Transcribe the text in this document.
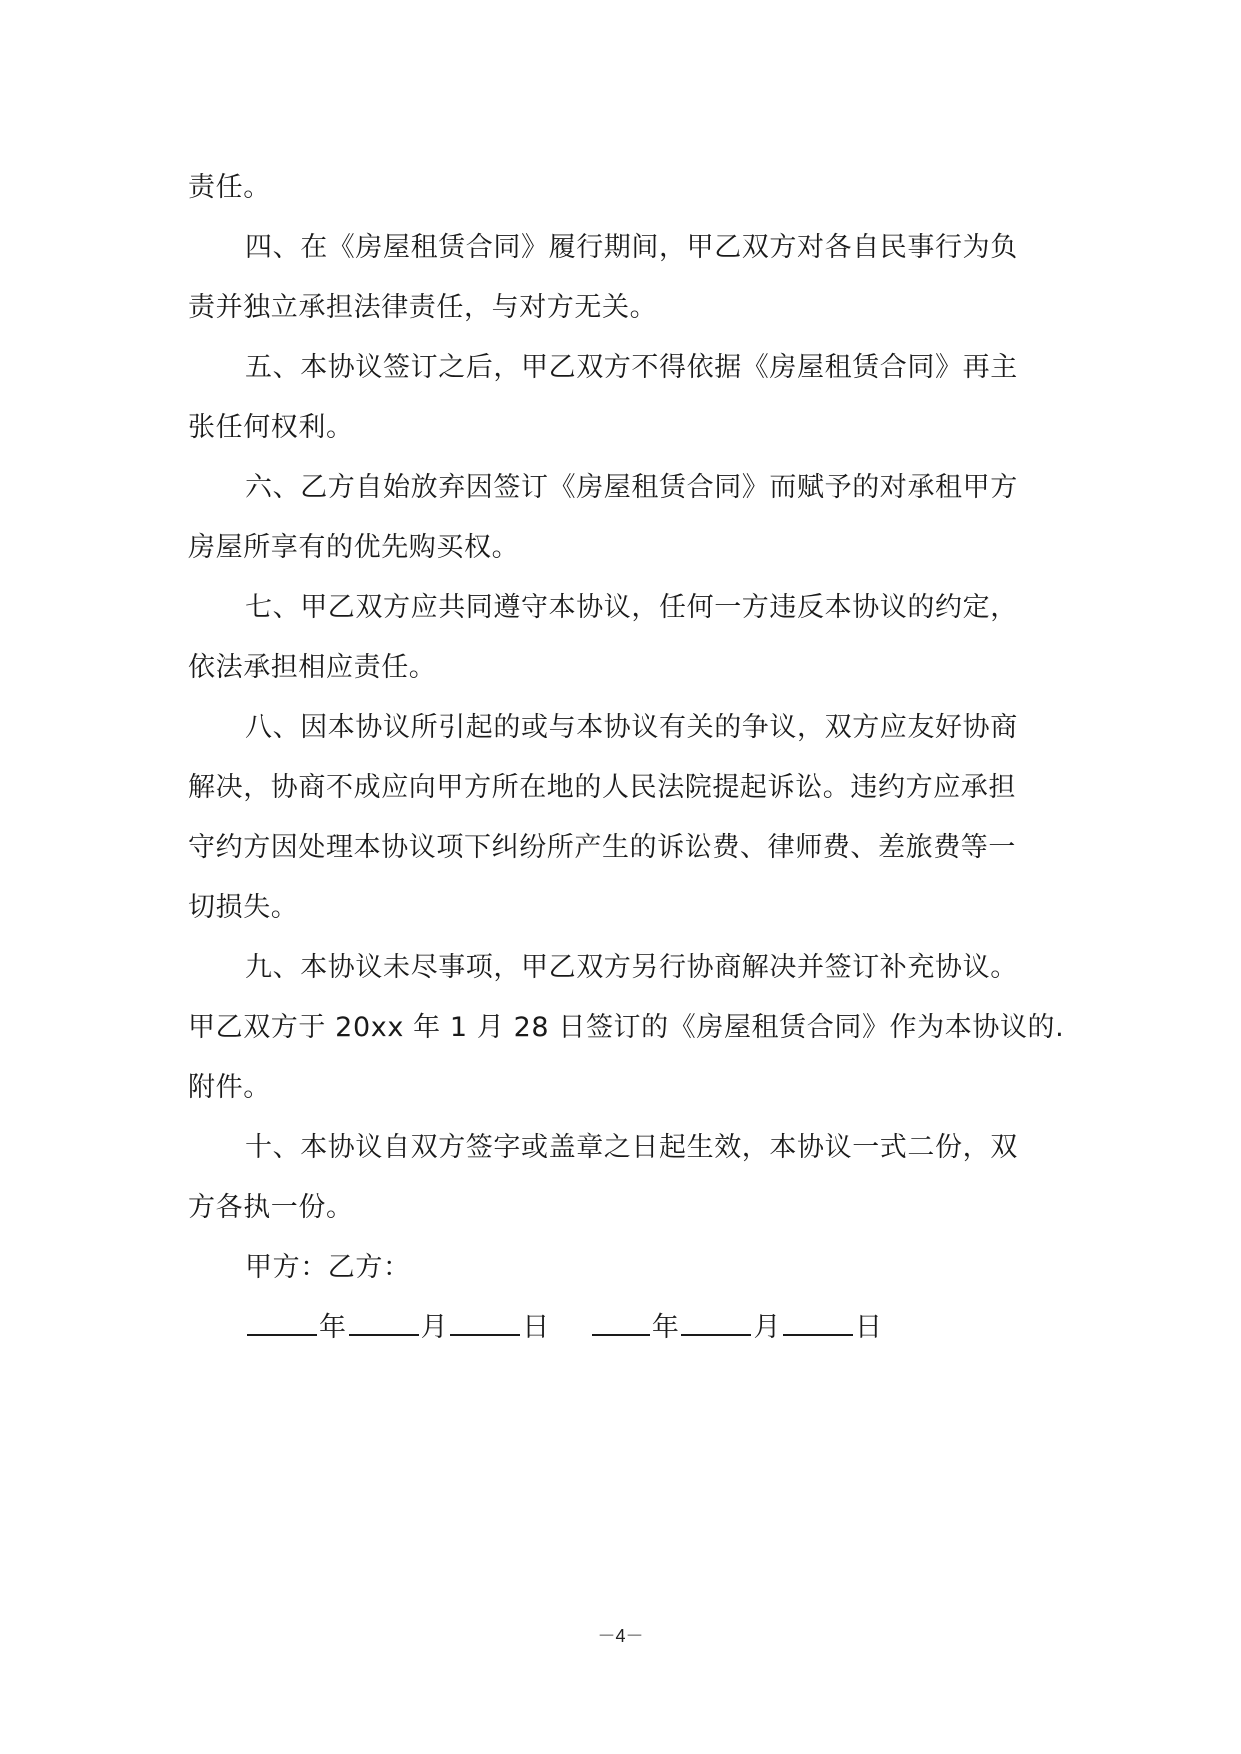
责任。
四、在《房屋租赁合同》履行期间，甲乙双方对各自民事行为负
责并独立承担法律责任，与对方无关。
五、本协议签订之后，甲乙双方不得依据《房屋租赁合同》再主
张任何权利。
六、乙方自始放弃因签订《房屋租赁合同》而赋予的对承租甲方
房屋所享有的优先购买权。
七、甲乙双方应共同遵守本协议，任何一方违反本协议的约定，
依法承担相应责任。
八、因本协议所引起的或与本协议有关的争议，双方应友好协商
解决，协商不成应向甲方所在地的人民法院提起诉讼。违约方应承担
守约方因处理本协议项下纠纷所产生的诉讼费、律师费、差旅费等一
切损失。
九、本协议未尽事项，甲乙双方另行协商解决并签订补充协议。
甲乙双方于 20xx 年 1 月 28 日签订的《房屋租赁合同》作为本协议的.
附件。
十、本协议自双方签字或盖章之日起生效，本协议一式二份，双
方各执一份。
甲方：乙方：
年	月	日	年	月	日
－4－
